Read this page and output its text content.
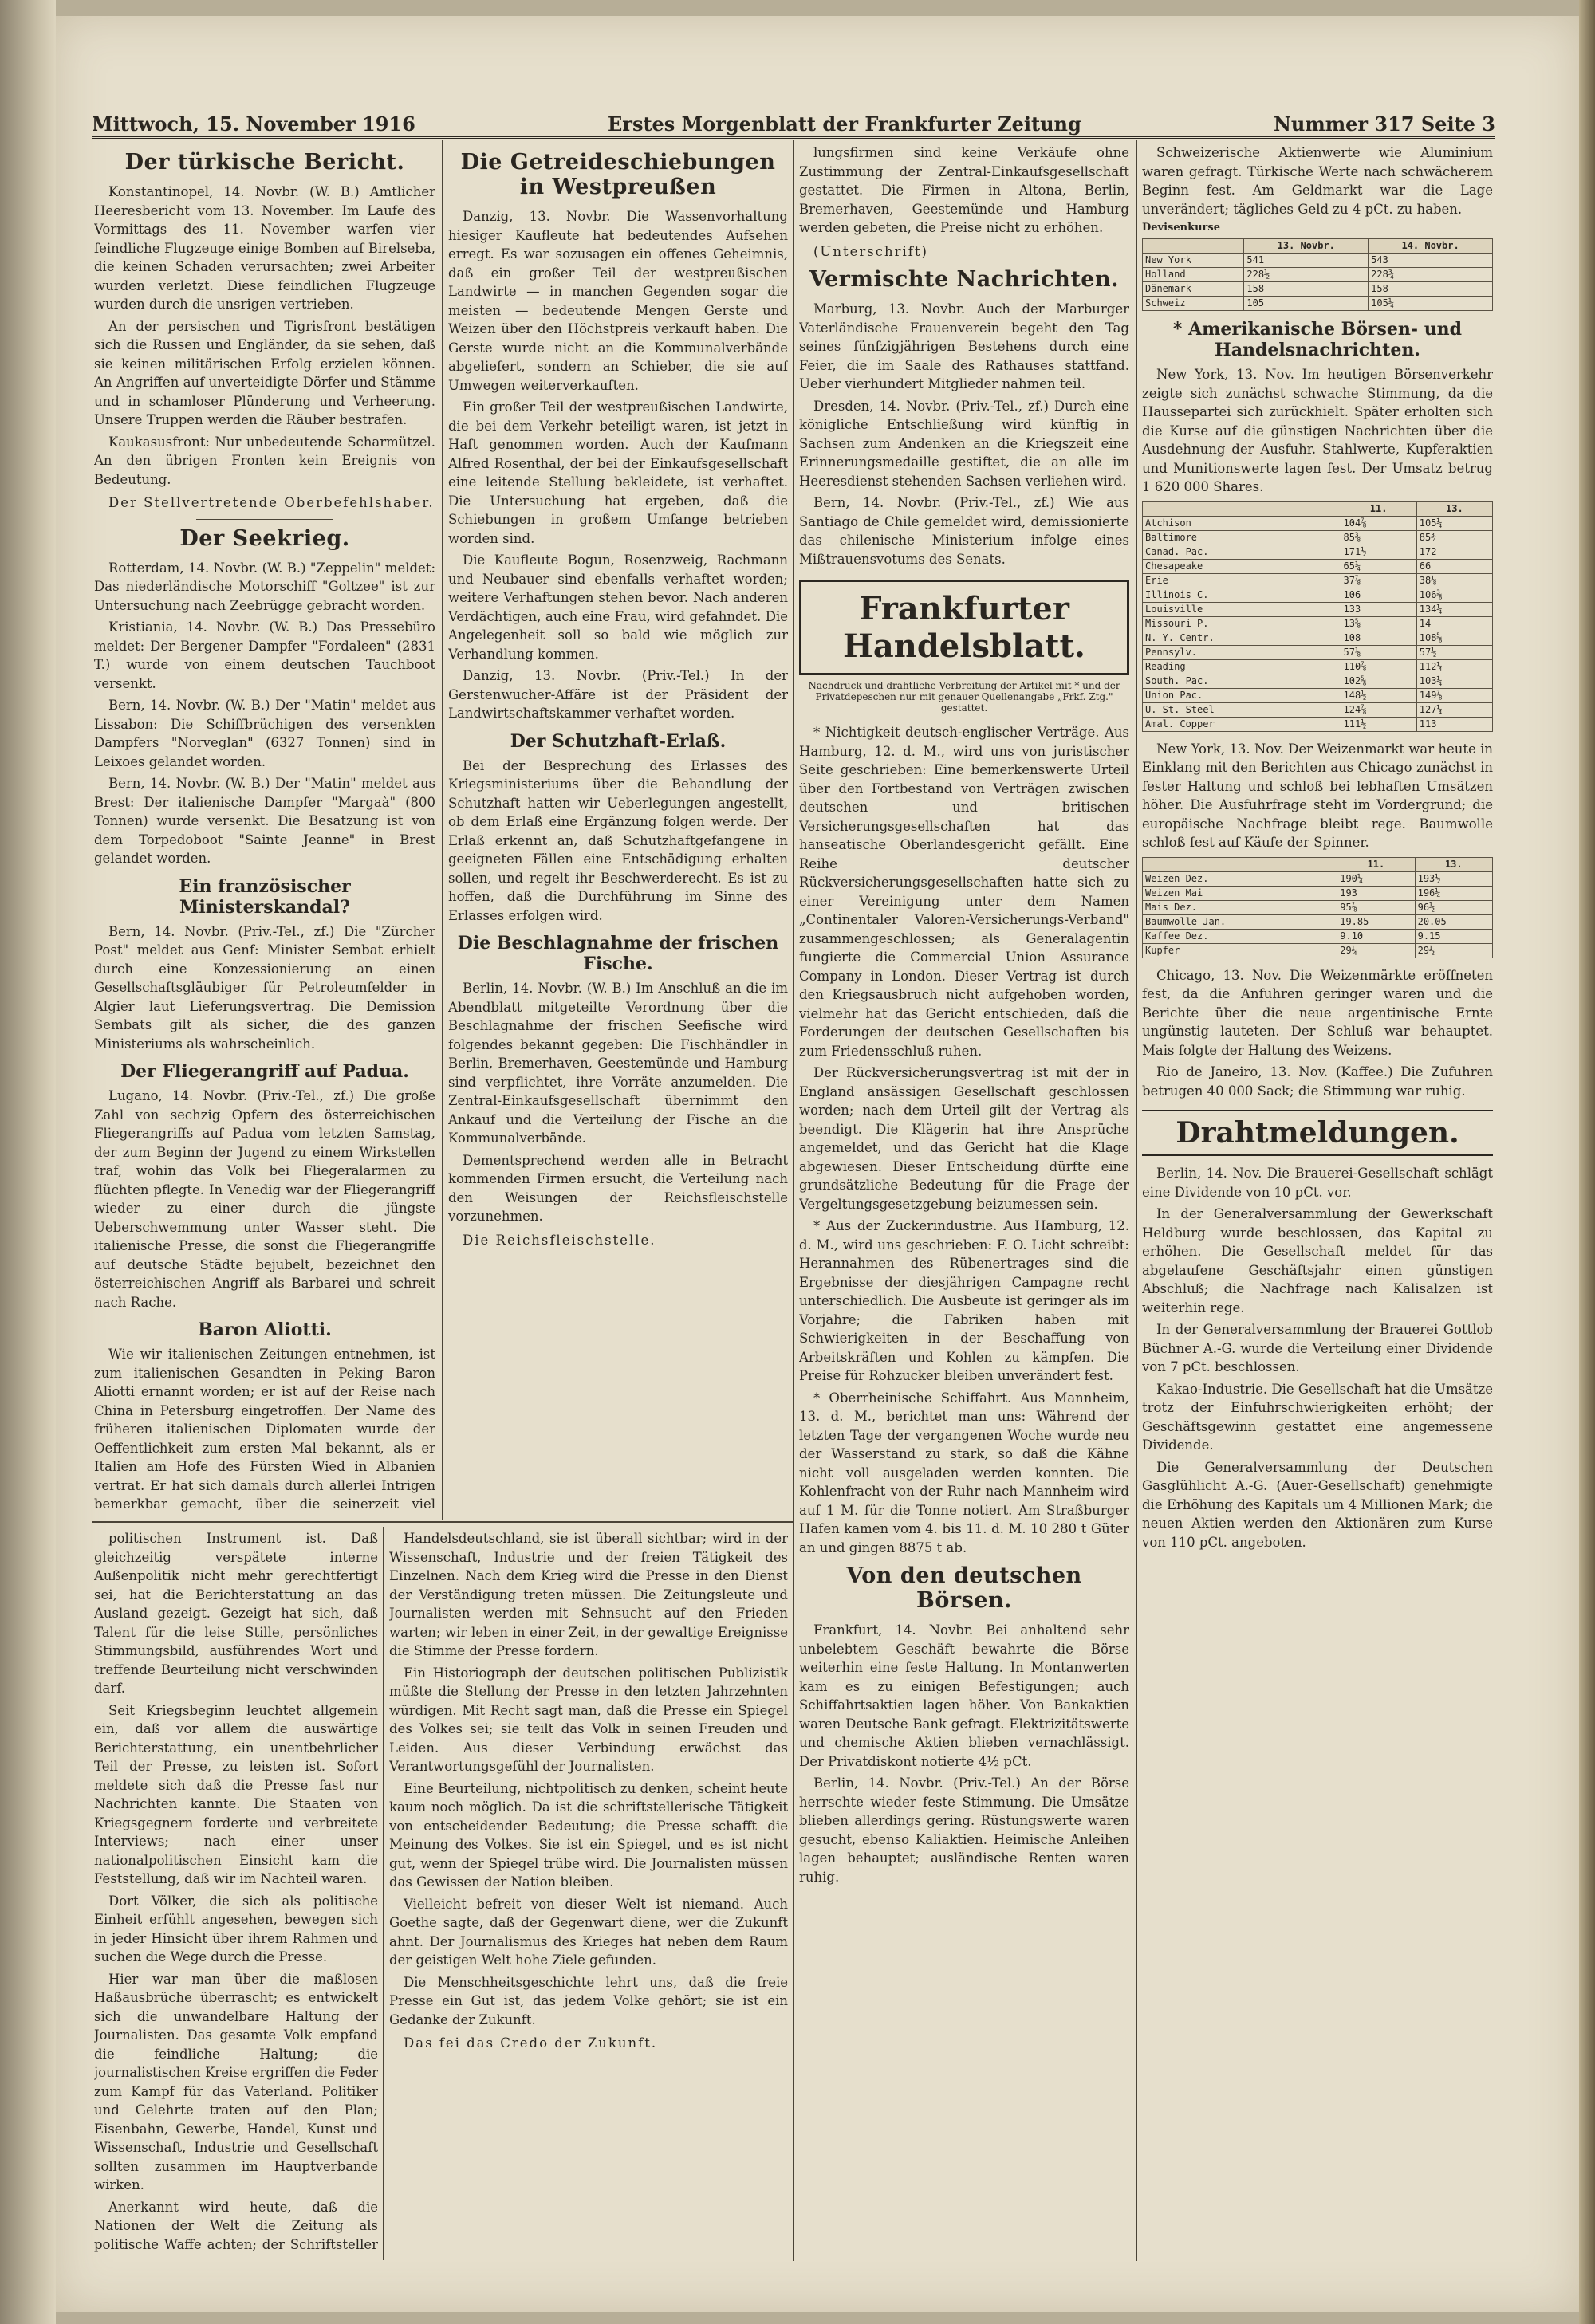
Mittwoch, 15. November 1916	Erstes Morgenblatt der Frankfurter Zeitung	Nummer 317 Seite 3
Der türkische Bericht.

Konstantinopel, 14. Novbr. (W. B.) Amtlicher Heeresbericht vom 13. November. Im Laufe des Vormittags des 11. November warfen vier feindliche Flugzeuge einige Bomben auf Birelseba, die keinen Schaden verursachten; zwei Arbeiter wurden verletzt. Diese feindlichen Flugzeuge wurden durch die unsrigen vertrieben.

An der persischen und Tigrisfront bestätigen sich die Russen und Engländer, da sie sehen, daß sie keinen militärischen Erfolg erzielen können. An Angriffen auf unverteidigte Dörfer und Stämme und in schamloser Plünderung und Verheerung. Unsere Truppen werden die Räuber bestrafen.

Kaukasusfront: Nur unbedeutende Scharmützel. An den übrigen Fronten kein Ereignis von Bedeutung.

Der Stellvertretende Oberbefehlshaber.

Der Seekrieg.

Rotterdam, 14. Novbr. (W. B.) "Zeppelin" meldet: Das niederländische Motorschiff "Goltzee" ist zur Untersuchung nach Zeebrügge gebracht worden.

Kristiania, 14. Novbr. (W. B.) Das Pressebüro meldet: Der Bergener Dampfer "Fordaleen" (2831 T.) wurde von einem deutschen Tauchboot versenkt.

Bern, 14. Novbr. (W. B.) Der "Matin" meldet aus Lissabon: Die Schiffbrüchigen des versenkten Dampfers "Norveglan" (6327 Tonnen) sind in Leixoes gelandet worden.

Bern, 14. Novbr. (W. B.) Der "Matin" meldet aus Brest: Der italienische Dampfer "Margaà" (800 Tonnen) wurde versenkt. Die Besatzung ist von dem Torpedoboot "Sainte Jeanne" in Brest gelandet worden.

Ein französischer Ministerskandal?

Bern, 14. Novbr. (Priv.-Tel., zf.) Die "Zürcher Post" meldet aus Genf: Minister Sembat erhielt durch eine Konzessionierung an einen Gesellschaftsgläubiger für Petroleumfelder in Algier laut Lieferungsvertrag. Die Demission Sembats gilt als sicher, die des ganzen Ministeriums als wahrscheinlich.

Der Fliegerangriff auf Padua.

Lugano, 14. Novbr. (Priv.-Tel., zf.) Die große Zahl von sechzig Opfern des österreichischen Fliegerangriffs auf Padua vom letzten Samstag, der zum Beginn der Jugend zu einem Wirkstellen traf, wohin das Volk bei Fliegeralarmen zu flüchten pflegte. In Venedig war der Fliegerangriff wieder zu einer durch die jüngste Ueberschwemmung unter Wasser steht. Die italienische Presse, die sonst die Fliegerangriffe auf deutsche Städte bejubelt, bezeichnet den österreichischen Angriff als Barbarei und schreit nach Rache.

Baron Aliotti.

Wie wir italienischen Zeitungen entnehmen, ist zum italienischen Gesandten in Peking Baron Aliotti ernannt worden; er ist auf der Reise nach China in Petersburg eingetroffen. Der Name des früheren italienischen Diplomaten wurde der Oeffentlichkeit zum ersten Mal bekannt, als er Italien am Hofe des Fürsten Wied in Albanien vertrat. Er hat sich damals durch allerlei Intrigen bemerkbar gemacht, über die seinerzeit viel

Die Getreideschiebungen in Westpreußen

Danzig, 13. Novbr. Die Wassenvorhaltung hiesiger Kaufleute hat bedeutendes Aufsehen erregt. Es war sozusagen ein offenes Geheimnis, daß ein großer Teil der westpreußischen Landwirte — in manchen Gegenden sogar die meisten — bedeutende Mengen Gerste und Weizen über den Höchstpreis verkauft haben. Die Gerste wurde nicht an die Kommunalverbände abgeliefert, sondern an Schieber, die sie auf Umwegen weiterverkauften.

Ein großer Teil der westpreußischen Landwirte, die bei dem Verkehr beteiligt waren, ist jetzt in Haft genommen worden. Auch der Kaufmann Alfred Rosenthal, der bei der Einkaufsgesellschaft eine leitende Stellung bekleidete, ist verhaftet. Die Untersuchung hat ergeben, daß die Schiebungen in großem Umfange betrieben worden sind.

Die Kaufleute Bogun, Rosenzweig, Rachmann und Neubauer sind ebenfalls verhaftet worden; weitere Verhaftungen stehen bevor. Nach anderen Verdächtigen, auch eine Frau, wird gefahndet. Die Angelegenheit soll so bald wie möglich zur Verhandlung kommen.

Danzig, 13. Novbr. (Priv.-Tel.) In der Gerstenwucher-Affäre ist der Präsident der Landwirtschaftskammer verhaftet worden.

Der Schutzhaft-Erlaß.

Bei der Besprechung des Erlasses des Kriegsministeriums über die Behandlung der Schutzhaft hatten wir Ueberlegungen angestellt, ob dem Erlaß eine Ergänzung folgen werde. Der Erlaß erkennt an, daß Schutzhaftgefangene in geeigneten Fällen eine Entschädigung erhalten sollen, und regelt ihr Beschwerderecht. Es ist zu hoffen, daß die Durchführung im Sinne des Erlasses erfolgen wird.

Die Beschlagnahme der frischen Fische.

Berlin, 14. Novbr. (W. B.) Im Anschluß an die im Abendblatt mitgeteilte Verordnung über die Beschlagnahme der frischen Seefische wird folgendes bekannt gegeben: Die Fischhändler in Berlin, Bremerhaven, Geestemünde und Hamburg sind verpflichtet, ihre Vorräte anzumelden. Die Zentral-Einkaufsgesellschaft übernimmt den Ankauf und die Verteilung der Fische an die Kommunalverbände.

Dementsprechend werden alle in Betracht kommenden Firmen ersucht, die Verteilung nach den Weisungen der Reichsfleischstelle vorzunehmen.

Die Reichsfleischstelle.

lungsfirmen sind keine Verkäufe ohne Zustimmung der Zentral-Einkaufsgesellschaft gestattet. Die Firmen in Altona, Berlin, Bremerhaven, Geestemünde und Hamburg werden gebeten, die Preise nicht zu erhöhen.

(Unterschrift)

Vermischte Nachrichten.

Marburg, 13. Novbr. Auch der Marburger Vaterländische Frauenverein begeht den Tag seines fünfzigjährigen Bestehens durch eine Feier, die im Saale des Rathauses stattfand. Ueber vierhundert Mitglieder nahmen teil.

Dresden, 14. Novbr. (Priv.-Tel., zf.) Durch eine königliche Entschließung wird künftig in Sachsen zum Andenken an die Kriegszeit eine Erinnerungsmedaille gestiftet, die an alle im Heeresdienst stehenden Sachsen verliehen wird.

Bern, 14. Novbr. (Priv.-Tel., zf.) Wie aus Santiago de Chile gemeldet wird, demissionierte das chilenische Ministerium infolge eines Mißtrauensvotums des Senats.

Frankfurter Handelsblatt.
Nachdruck und drahtliche Verbreitung der Artikel mit * und der Privatdepeschen nur mit genauer Quellenangabe „Frkf. Ztg." gestattet.

* Nichtigkeit deutsch-englischer Verträge. Aus Hamburg, 12. d. M., wird uns von juristischer Seite geschrieben: Eine bemerkenswerte Urteil über den Fortbestand von Verträgen zwischen deutschen und britischen Versicherungsgesellschaften hat das hanseatische Oberlandesgericht gefällt. Eine Reihe deutscher Rückversicherungsgesellschaften hatte sich zu einer Vereinigung unter dem Namen „Continentaler Valoren-Versicherungs-Verband" zusammengeschlossen; als Generalagentin fungierte die Commercial Union Assurance Company in London. Dieser Vertrag ist durch den Kriegsausbruch nicht aufgehoben worden, vielmehr hat das Gericht entschieden, daß die Forderungen der deutschen Gesellschaften bis zum Friedensschluß ruhen.

Der Rückversicherungsvertrag ist mit der in England ansässigen Gesellschaft geschlossen worden; nach dem Urteil gilt der Vertrag als beendigt. Die Klägerin hat ihre Ansprüche angemeldet, und das Gericht hat die Klage abgewiesen. Dieser Entscheidung dürfte eine grundsätzliche Bedeutung für die Frage der Vergeltungsgesetzgebung beizumessen sein.

* Aus der Zuckerindustrie. Aus Hamburg, 12. d. M., wird uns geschrieben: F. O. Licht schreibt: Herannahmen des Rübenertrages sind die Ergebnisse der diesjährigen Campagne recht unterschiedlich. Die Ausbeute ist geringer als im Vorjahre; die Fabriken haben mit Schwierigkeiten in der Beschaffung von Arbeitskräften und Kohlen zu kämpfen. Die Preise für Rohzucker bleiben unverändert fest.

* Oberrheinische Schiffahrt. Aus Mannheim, 13. d. M., berichtet man uns: Während der letzten Tage der vergangenen Woche wurde neu der Wasserstand zu stark, so daß die Kähne nicht voll ausgeladen werden konnten. Die Kohlenfracht von der Ruhr nach Mannheim wird auf 1 M. für die Tonne notiert. Am Straßburger Hafen kamen vom 4. bis 11. d. M. 10 280 t Güter an und gingen 8875 t ab.

Von den deutschen Börsen.

Frankfurt, 14. Novbr. Bei anhaltend sehr unbelebtem Geschäft bewahrte die Börse weiterhin eine feste Haltung. In Montanwerten kam es zu einigen Befestigungen; auch Schiffahrtsaktien lagen höher. Von Bankaktien waren Deutsche Bank gefragt. Elektrizitätswerte und chemische Aktien blieben vernachlässigt. Der Privatdiskont notierte 4½ pCt.

Berlin, 14. Novbr. (Priv.-Tel.) An der Börse herrschte wieder feste Stimmung. Die Umsätze blieben allerdings gering. Rüstungswerte waren gesucht, ebenso Kaliaktien. Heimische Anleihen lagen behauptet; ausländische Renten waren ruhig.

Schweizerische Aktienwerte wie Aluminium waren gefragt. Türkische Werte nach schwächerem Beginn fest. Am Geldmarkt war die Lage unverändert; tägliches Geld zu 4 pCt. zu haben.

Devisenkurse
	13. Novbr.	14. Novbr.
New York	541	543
Holland	228½	228¾
Dänemark	158	158
Schweiz	105	105¼
* Amerikanische Börsen- und Handelsnachrichten.

New York, 13. Nov. Im heutigen Börsenverkehr zeigte sich zunächst schwache Stimmung, da die Haussepartei sich zurückhielt. Später erholten sich die Kurse auf die günstigen Nachrichten über die Ausdehnung der Ausfuhr. Stahlwerte, Kupferaktien und Munitionswerte lagen fest. Der Umsatz betrug 1 620 000 Shares.

	11.	13.
Atchison	104⅞	105¼
Baltimore	85⅜	85¾
Canad. Pac.	171½	172
Chesapeake	65¼	66
Erie	37⅞	38⅛
Illinois C.	106	106⅜
Louisville	133	134¼
Missouri P.	13⅝	14
N. Y. Centr.	108	108⅝
Pennsylv.	57⅛	57½
Reading	110⅞	112¼
South. Pac.	102⅝	103¼
Union Pac.	148½	149⅞
U. St. Steel	124⅞	127¼
Amal. Copper	111½	113

New York, 13. Nov. Der Weizenmarkt war heute in Einklang mit den Berichten aus Chicago zunächst in fester Haltung und schloß bei lebhaften Umsätzen höher. Die Ausfuhrfrage steht im Vordergrund; die europäische Nachfrage bleibt rege. Baumwolle schloß fest auf Käufe der Spinner.

	11.	13.
Weizen Dez.	190¼	193½
Weizen Mai	193	196¼
Mais Dez.	95⅞	96½
Baumwolle Jan.	19.85	20.05
Kaffee Dez.	9.10	9.15
Kupfer	29¼	29½

Chicago, 13. Nov. Die Weizenmärkte eröffneten fest, da die Anfuhren geringer waren und die Berichte über die neue argentinische Ernte ungünstig lauteten. Der Schluß war behauptet. Mais folgte der Haltung des Weizens.

Rio de Janeiro, 13. Nov. (Kaffee.) Die Zufuhren betrugen 40 000 Sack; die Stimmung war ruhig.

Drahtmeldungen.

Berlin, 14. Nov. Die Brauerei-Gesellschaft schlägt eine Dividende von 10 pCt. vor.

In der Generalversammlung der Gewerkschaft Heldburg wurde beschlossen, das Kapital zu erhöhen. Die Gesellschaft meldet für das abgelaufene Geschäftsjahr einen günstigen Abschluß; die Nachfrage nach Kalisalzen ist weiterhin rege.

In der Generalversammlung der Brauerei Gottlob Büchner A.-G. wurde die Verteilung einer Dividende von 7 pCt. beschlossen.

Kakao-Industrie. Die Gesellschaft hat die Umsätze trotz der Einfuhrschwierigkeiten erhöht; der Geschäftsgewinn gestattet eine angemessene Dividende.

Die Generalversammlung der Deutschen Gasglühlicht A.-G. (Auer-Gesellschaft) genehmigte die Erhöhung des Kapitals um 4 Millionen Mark; die neuen Aktien werden den Aktionären zum Kurse von 110 pCt. angeboten.

politischen Instrument ist. Daß gleichzeitig verspätete interne Außenpolitik nicht mehr gerechtfertigt sei, hat die Berichterstattung an das Ausland gezeigt. Gezeigt hat sich, daß Talent für die leise Stille, persönliches Stimmungsbild, ausführendes Wort und treffende Beurteilung nicht verschwinden darf.

Seit Kriegsbeginn leuchtet allgemein ein, daß vor allem die auswärtige Berichterstattung, ein unentbehrlicher Teil der Presse, zu leisten ist. Sofort meldete sich daß die Presse fast nur Nachrichten kannte. Die Staaten von Kriegsgegnern forderte und verbreitete Interviews; nach einer unser nationalpolitischen Einsicht kam die Feststellung, daß wir im Nachteil waren.

Dort Völker, die sich als politische Einheit erfühlt angesehen, bewegen sich in jeder Hinsicht über ihrem Rahmen und suchen die Wege durch die Presse.

Hier war man über die maßlosen Haßausbrüche überrascht; es entwickelt sich die unwandelbare Haltung der Journalisten. Das gesamte Volk empfand die feindliche Haltung; die journalistischen Kreise ergriffen die Feder zum Kampf für das Vaterland. Politiker und Gelehrte traten auf den Plan; Eisenbahn, Gewerbe, Handel, Kunst und Wissenschaft, Industrie und Gesellschaft sollten zusammen im Hauptverbande wirken.

Anerkannt wird heute, daß die Nationen der Welt die Zeitung als politische Waffe achten; der Schriftsteller

Handelsdeutschland, sie ist überall sichtbar; wird in der Wissenschaft, Industrie und der freien Tätigkeit des Einzelnen. Nach dem Krieg wird die Presse in den Dienst der Verständigung treten müssen. Die Zeitungsleute und Journalisten werden mit Sehnsucht auf den Frieden warten; wir leben in einer Zeit, in der gewaltige Ereignisse die Stimme der Presse fordern.

Ein Historiograph der deutschen politischen Publizistik müßte die Stellung der Presse in den letzten Jahrzehnten würdigen. Mit Recht sagt man, daß die Presse ein Spiegel des Volkes sei; sie teilt das Volk in seinen Freuden und Leiden. Aus dieser Verbindung erwächst das Verantwortungsgefühl der Journalisten.

Eine Beurteilung, nichtpolitisch zu denken, scheint heute kaum noch möglich. Da ist die schriftstellerische Tätigkeit von entscheidender Bedeutung; die Presse schafft die Meinung des Volkes. Sie ist ein Spiegel, und es ist nicht gut, wenn der Spiegel trübe wird. Die Journalisten müssen das Gewissen der Nation bleiben.

Vielleicht befreit von dieser Welt ist niemand. Auch Goethe sagte, daß der Gegenwart diene, wer die Zukunft ahnt. Der Journalismus des Krieges hat neben dem Raum der geistigen Welt hohe Ziele gefunden.

Die Menschheitsgeschichte lehrt uns, daß die freie Presse ein Gut ist, das jedem Volke gehört; sie ist ein Gedanke der Zukunft.

Das fei das Credo der Zukunft.
